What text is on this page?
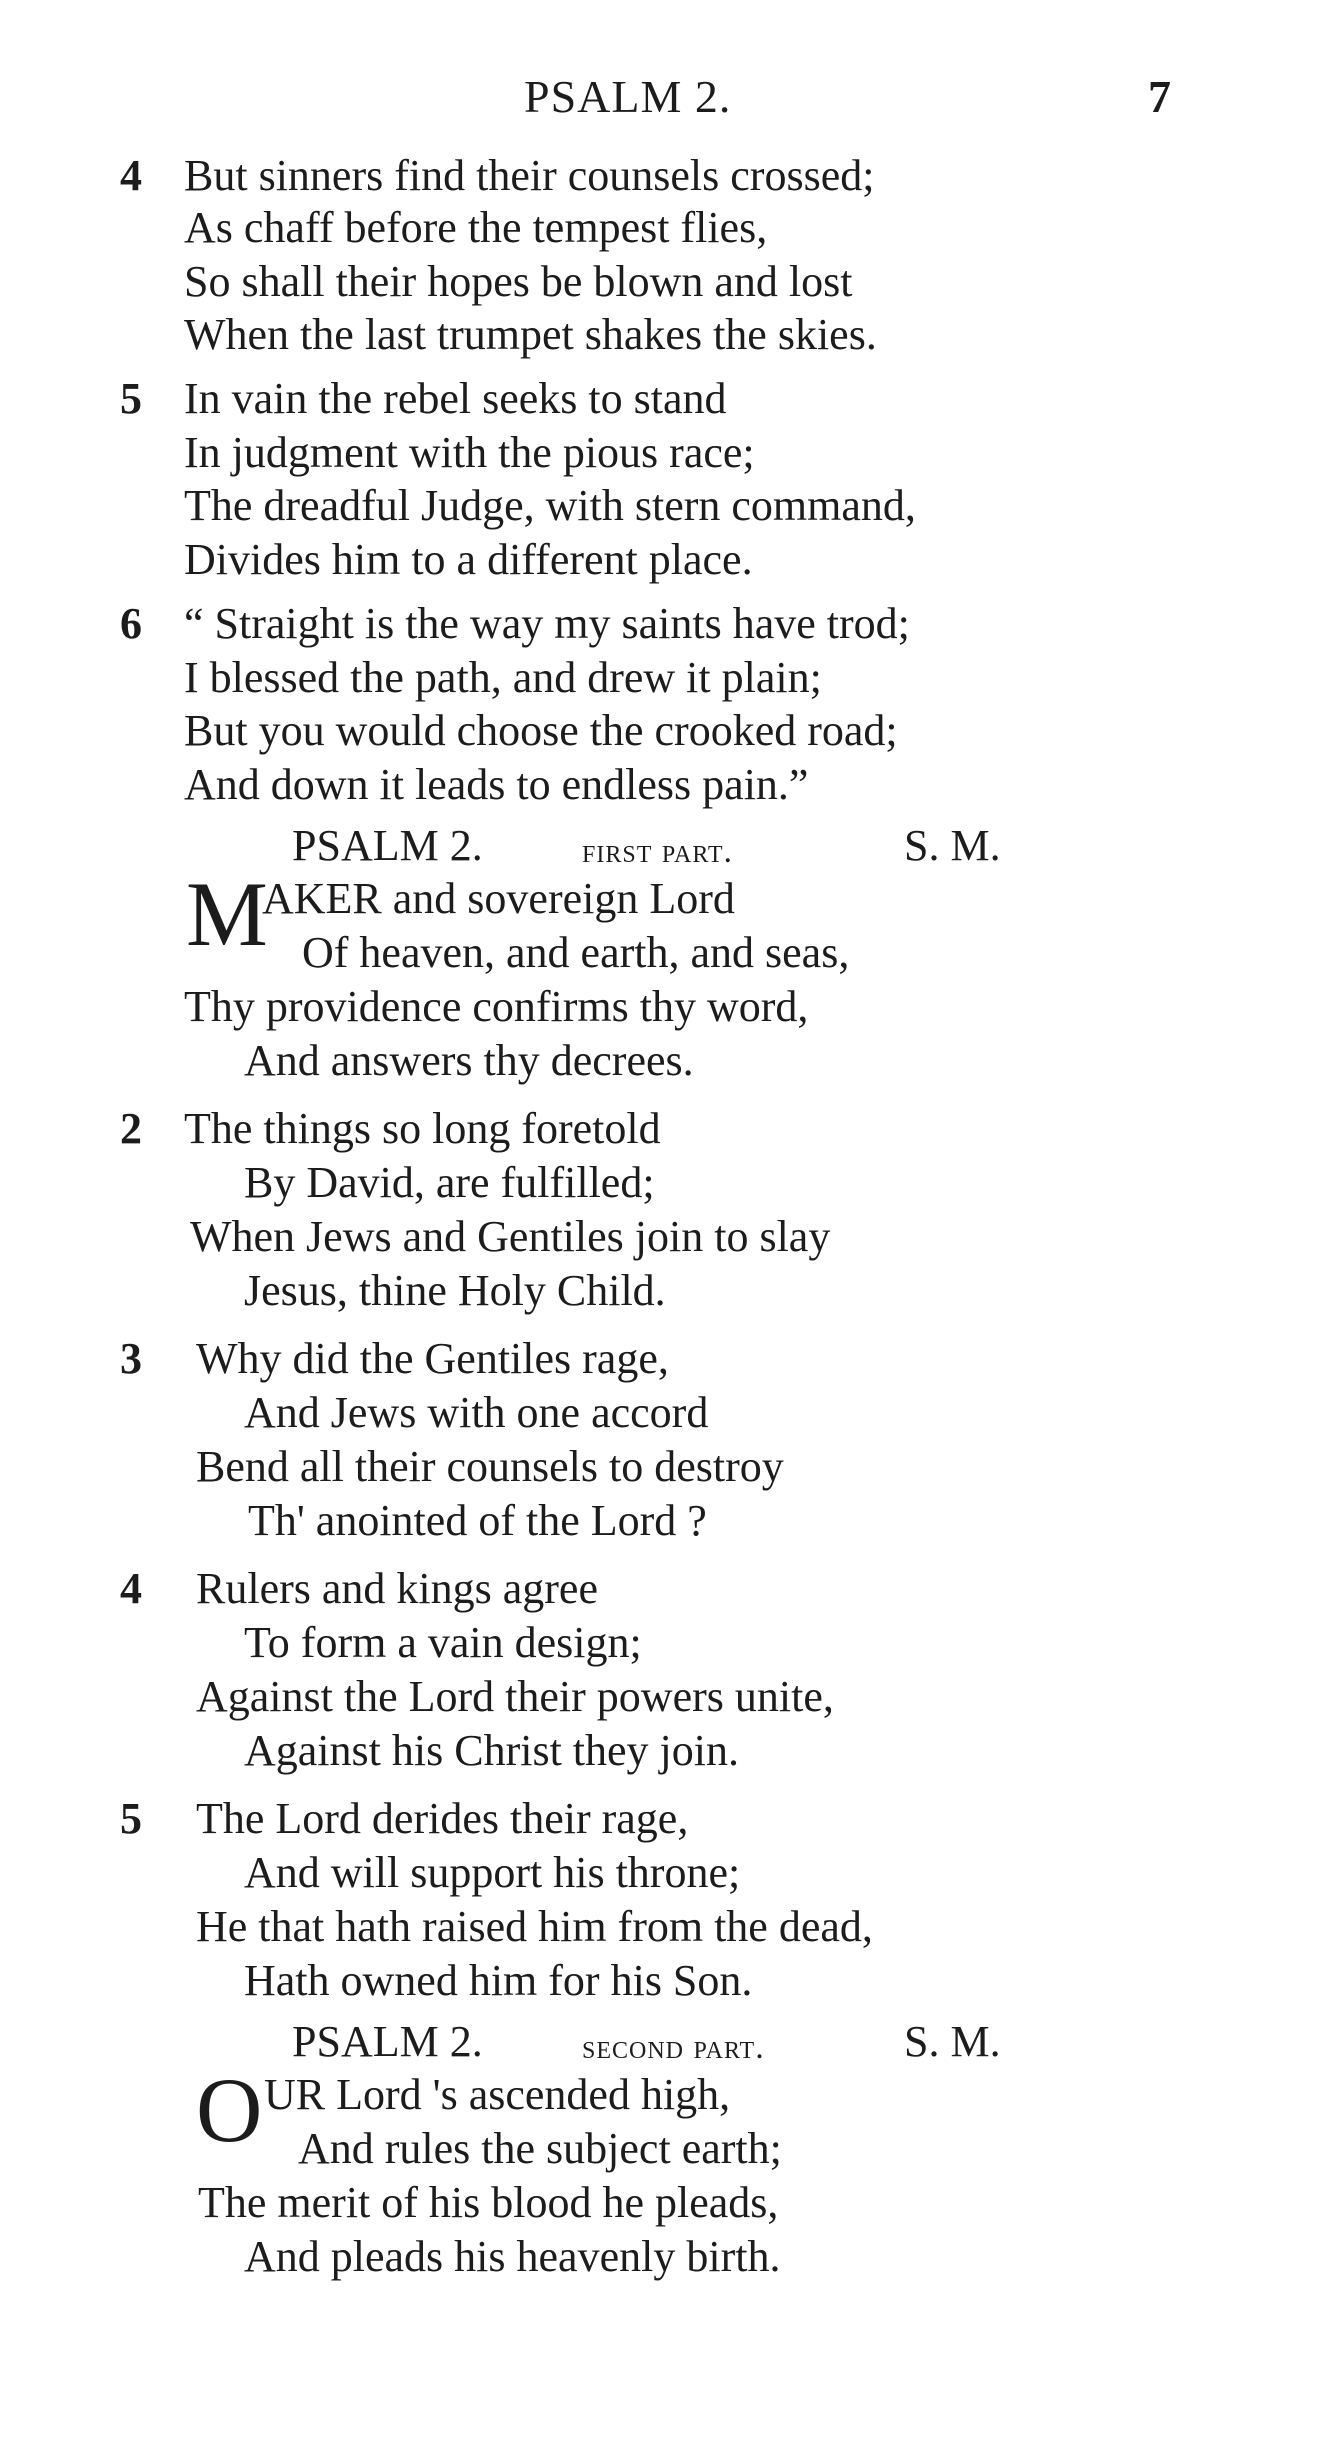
PSALM 2.	7
4 But sinners find their counsels crossed;
As chaff before the tempest flies,
So shall their hopes be blown and lost
When the last trumpet shakes the skies.
5 In vain the rebel seeks to stand
In judgment with the pious race;
The dreadful Judge, with stern command,
Divides him to a different place.
6 “ Straight is the way my saints have trod;
I blessed the path, and drew it plain;
But you would choose the crooked road;
And down it leads to endless pain.”
PSALM 2.	first part.	S. M.
M
AKER and sovereign Lord
Of heaven, and earth, and seas,
Thy providence confirms thy word,
And answers thy decrees.
2 The things so long foretold
By David, are fulfilled;
When Jews and Gentiles join to slay
Jesus, thine Holy Child.
3 Why did the Gentiles rage,
And Jews with one accord
Bend all their counsels to destroy
Th' anointed of the Lord ?
4 Rulers and kings agree
To form a vain design;
Against the Lord their powers unite,
Against his Christ they join.
5 The Lord derides their rage,
And will support his throne;
He that hath raised him from the dead,
Hath owned him for his Son.
PSALM 2.	second part.	S. M.
O UR Lord 's ascended high,
And rules the subject earth;
The merit of his blood he pleads,
And pleads his heavenly birth.
